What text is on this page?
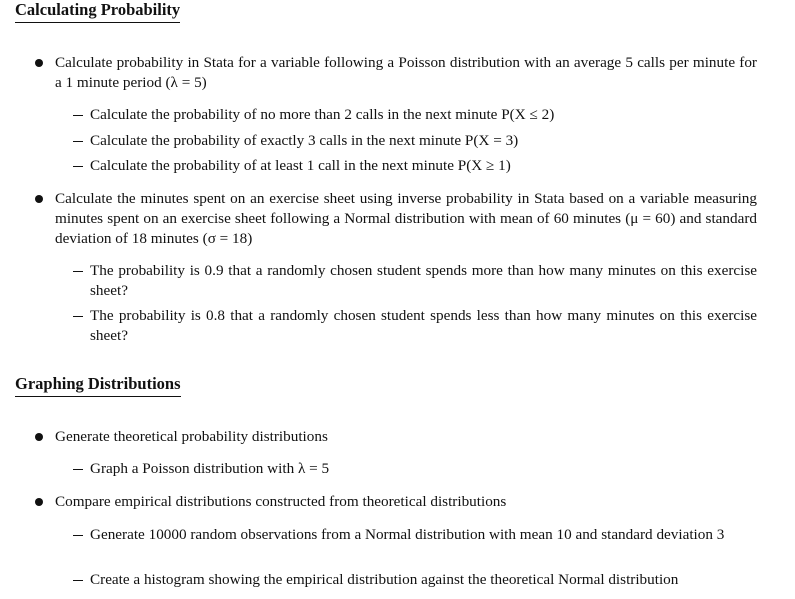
Calculating Probability
Calculate probability in Stata for a variable following a Poisson distribution with an average 5 calls per minute for a 1 minute period (λ = 5)
Calculate the probability of no more than 2 calls in the next minute P(X ≤ 2)
Calculate the probability of exactly 3 calls in the next minute P(X = 3)
Calculate the probability of at least 1 call in the next minute P(X ≥ 1)
Calculate the minutes spent on an exercise sheet using inverse probability in Stata based on a variable measuring minutes spent on an exercise sheet following a Normal distribution with mean of 60 minutes (μ = 60) and standard deviation of 18 minutes (σ = 18)
The probability is 0.9 that a randomly chosen student spends more than how many minutes on this exercise sheet?
The probability is 0.8 that a randomly chosen student spends less than how many minutes on this exercise sheet?
Graphing Distributions
Generate theoretical probability distributions
Graph a Poisson distribution with λ = 5
Compare empirical distributions constructed from theoretical distributions
Generate 10000 random observations from a Normal distribution with mean 10 and standard deviation 3
Create a histogram showing the empirical distribution against the theoretical Normal distribution
